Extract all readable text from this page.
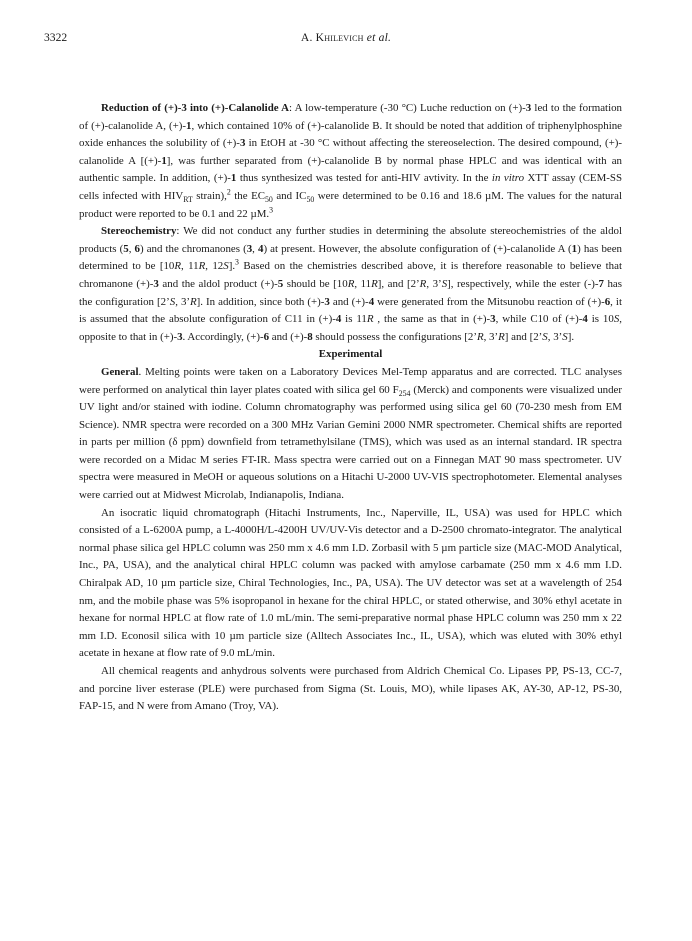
3322	A. Khilevich et al.

Reduction of (+)-3 into (+)-Calanolide A: A low-temperature (-30 °C) Luche reduction on (+)-3 led to the formation of (+)-calanolide A, (+)-1, which contained 10% of (+)-calanolide B. It should be noted that addition of triphenylphosphine oxide enhances the solubility of (+)-3 in EtOH at -30 °C without affecting the stereoselection. The desired compound, (+)-calanolide A [(+)-1], was further separated from (+)-calanolide B by normal phase HPLC and was identical with an authentic sample. In addition, (+)-1 thus synthesized was tested for anti-HIV avtivity. In the in vitro XTT assay (CEM-SS cells infected with $HIV_{RT}$ strain),$^2$ the $EC_{50}$ and $IC_{50}$ were determined to be 0.16 and 18.6 µM. The values for the natural product were reported to be 0.1 and 22 µM.$^3$

Stereochemistry: We did not conduct any further studies in determining the absolute stereochemistries of the aldol products (5, 6) and the chromanones (3, 4) at present. However, the absolute configuration of (+)-calanolide A (1) has been determined to be [10R, 11R, 12S].$^3$ Based on the chemistries described above, it is therefore reasonable to believe that chromanone (+)-3 and the aldol product (+)-5 should be [10R, 11R], and [2’R, 3’S], respectively, while the ester (-)-7 has the configuration [2’S, 3’R]. In addition, since both (+)-3 and (+)-4 were generated from the Mitsunobu reaction of (+)-6, it is assumed that the absolute configuration of C11 in (+)-4 is 11R , the same as that in (+)-3, while C10 of (+)-4 is 10S, opposite to that in (+)-3. Accordingly, (+)-6 and (+)-8 should possess the configurations [2’R, 3’R] and [2’S, 3’S].

Experimental

General. Melting points were taken on a Laboratory Devices Mel-Temp apparatus and are corrected. TLC analyses were performed on analytical thin layer plates coated with silica gel 60 $F_{254}$ (Merck) and components were visualized under UV light and/or stained with iodine. Column chromatography was performed using silica gel 60 (70-230 mesh from EM Science). NMR spectra were recorded on a 300 MHz Varian Gemini 2000 NMR spectrometer. Chemical shifts are reported in parts per million (δ ppm) downfield from tetramethylsilane (TMS), which was used as an internal standard. IR spectra were recorded on a Midac M series FT-IR. Mass spectra were carried out on a Finnegan MAT 90 mass spectrometer. UV spectra were measured in MeOH or aqueous solutions on a Hitachi U-2000 UV-VIS spectrophotometer. Elemental analyses were carried out at Midwest Microlab, Indianapolis, Indiana.

An isocratic liquid chromatograph (Hitachi Instruments, Inc., Naperville, IL, USA) was used for HPLC which consisted of a L-6200A pump, a L-4000H/L-4200H UV/UV-Vis detector and a D-2500 chromato-integrator. The analytical normal phase silica gel HPLC column was 250 mm x 4.6 mm I.D. Zorbasil with 5 µm particle size (MAC-MOD Analytical, Inc., PA, USA), and the analytical chiral HPLC column was packed with amylose carbamate (250 mm x 4.6 mm I.D. Chiralpak AD, 10 µm particle size, Chiral Technologies, Inc., PA, USA). The UV detector was set at a wavelength of 254 nm, and the mobile phase was 5% isopropanol in hexane for the chiral HPLC, or stated otherwise, and 30% ethyl acetate in hexane for normal HPLC at flow rate of 1.0 mL/min. The semi-preparative normal phase HPLC column was 250 mm x 22 mm I.D. Econosil silica with 10 µm particle size (Alltech Associates Inc., IL, USA), which was eluted with 30% ethyl acetate in hexane at flow rate of 9.0 mL/min.

All chemical reagents and anhydrous solvents were purchased from Aldrich Chemical Co. Lipases PP, PS-13, CC-7, and porcine liver esterase (PLE) were purchased from Sigma (St. Louis, MO), while lipases AK, AY-30, AP-12, PS-30, FAP-15, and N were from Amano (Troy, VA).
